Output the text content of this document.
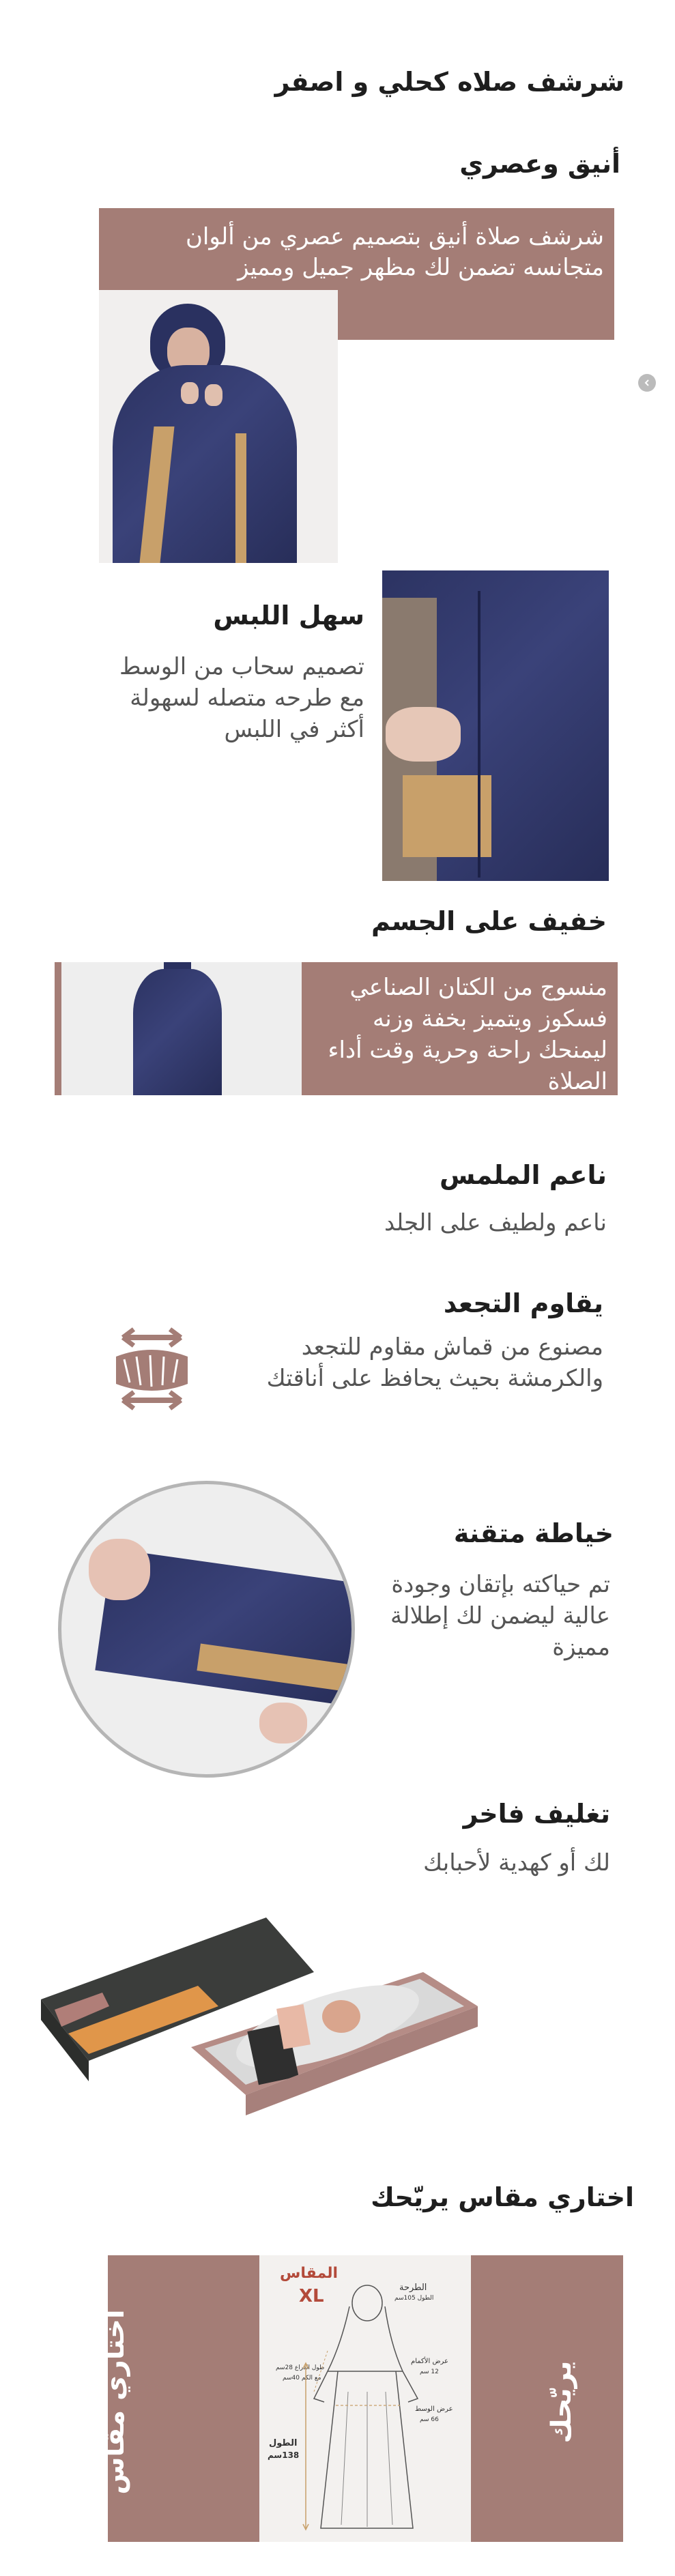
شرشف صلاه كحلي و اصفر
أنيق وعصري
شرشف صلاة أنيق بتصميم عصري من ألوان متجانسه تضمن لك مظهر جميل ومميز
سهل اللبس
تصميم سحاب من الوسط مع طرحه متصله لسهولة أكثر في اللبس
خفيف على الجسم
منسوج من الكتان الصناعي فسكوز ويتميز بخفة وزنه ليمنحك راحة وحرية وقت أداء الصلاة
ناعم الملمس
ناعم ولطيف على الجلد
يقاوم التجعد
مصنوع من قماش مقاوم للتجعد والكرمشة بحيث يحافظ على أناقتك
خياطة متقنة
تم حياكته بإتقان وجودة عالية ليضمن لك إطلالة مميزة
تغليف فاخر
لك أو كهدية لأحبابك
اختاري مقاس يريّحك
اختاري مقاس	يريّحك
المقاس
XL	الطرحة
الطول 105سم
طول الذراع 28سم
مع الكم 40سم
عرض الأكمام
12 سم
عرض الوسط
66 سم
الطول
138سم
